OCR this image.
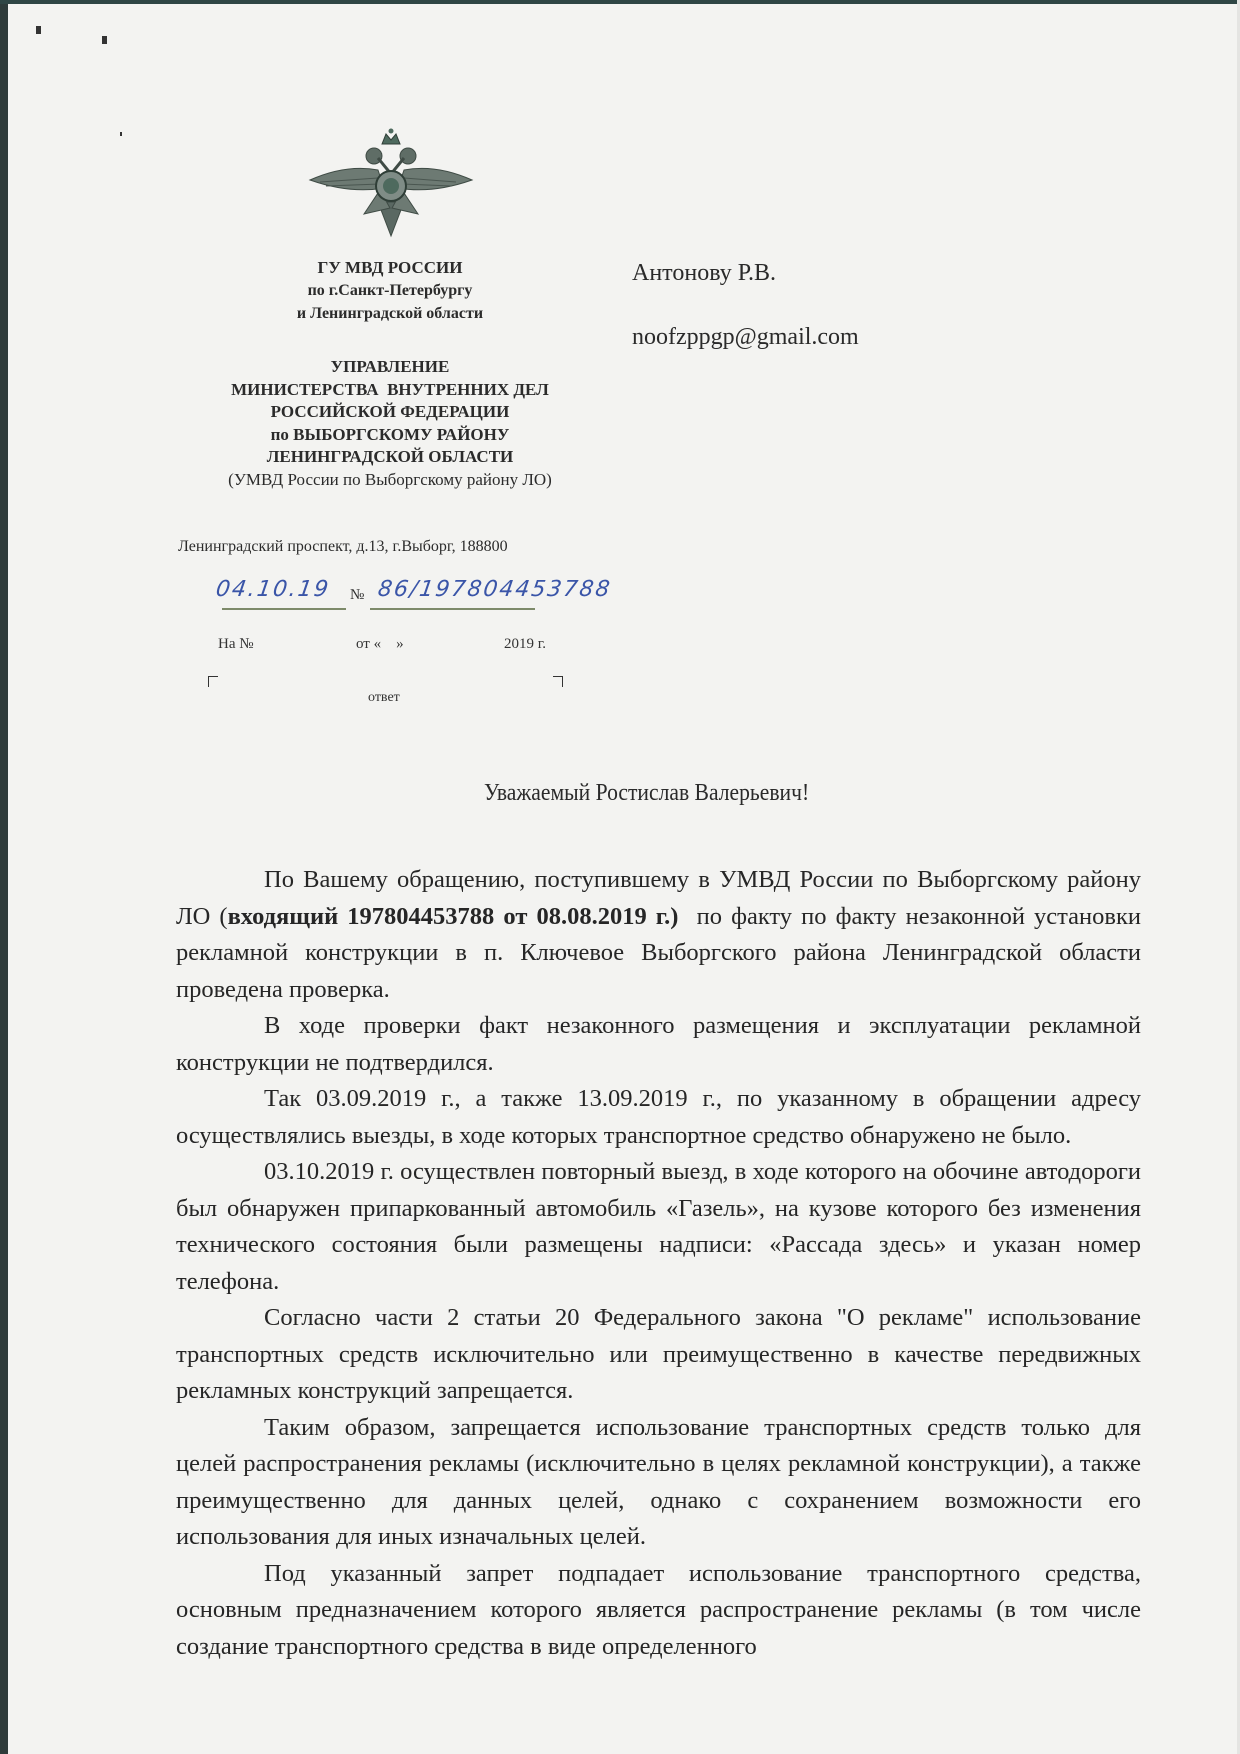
ГУ МВД РОССИИ
по г.Санкт-Петербургу
и Ленинградской области
УПРАВЛЕНИЕ
МИНИСТЕРСТВА  ВНУТРЕННИХ ДЕЛ
РОССИЙСКОЙ ФЕДЕРАЦИИ
по ВЫБОРГСКОМУ РАЙОНУ
ЛЕНИНГРАДСКОЙ ОБЛАСТИ
(УМВД России по Выборгскому району ЛО)
Ленинградский проспект, д.13, г.Выборг, 188800
04.10.19 № 86/197804453788
На №	от «    »	2019 г.
ответ
Антонову Р.В.
noofzppgp@gmail.com
Уважаемый Ростислав Валерьевич!

По Вашему обращению, поступившему в УМВД России по Выборгскому району ЛО (входящий 197804453788 от 08.08.2019 г.)  по факту по факту незаконной установки рекламной конструкции в п. Ключевое Выборгского района Ленинградской области проведена проверка.

В ходе проверки факт незаконного размещения и эксплуатации рекламной конструкции не подтвердился.

Так 03.09.2019 г., а также 13.09.2019 г., по указанному в обращении адресу осуществлялись выезды, в ходе которых транспортное средство обнаружено не было.

03.10.2019 г. осуществлен повторный выезд, в ходе которого на обочине автодороги был обнаружен припаркованный автомобиль «Газель», на кузове которого без изменения технического состояния были размещены надписи: «Рассада здесь» и указан номер телефона.

Согласно части 2 статьи 20 Федерального закона "О рекламе" использование транспортных средств исключительно или преимущественно в качестве передвижных рекламных конструкций запрещается.

Таким образом, запрещается использование транспортных средств только для целей распространения рекламы (исключительно в целях рекламной конструкции), а также преимущественно для данных целей, однако с сохранением возможности его использования для иных изначальных целей.

Под указанный запрет подпадает использование транспортного средства, основным предназначением которого является распространение рекламы (в том числе создание транспортного средства в виде определенного
